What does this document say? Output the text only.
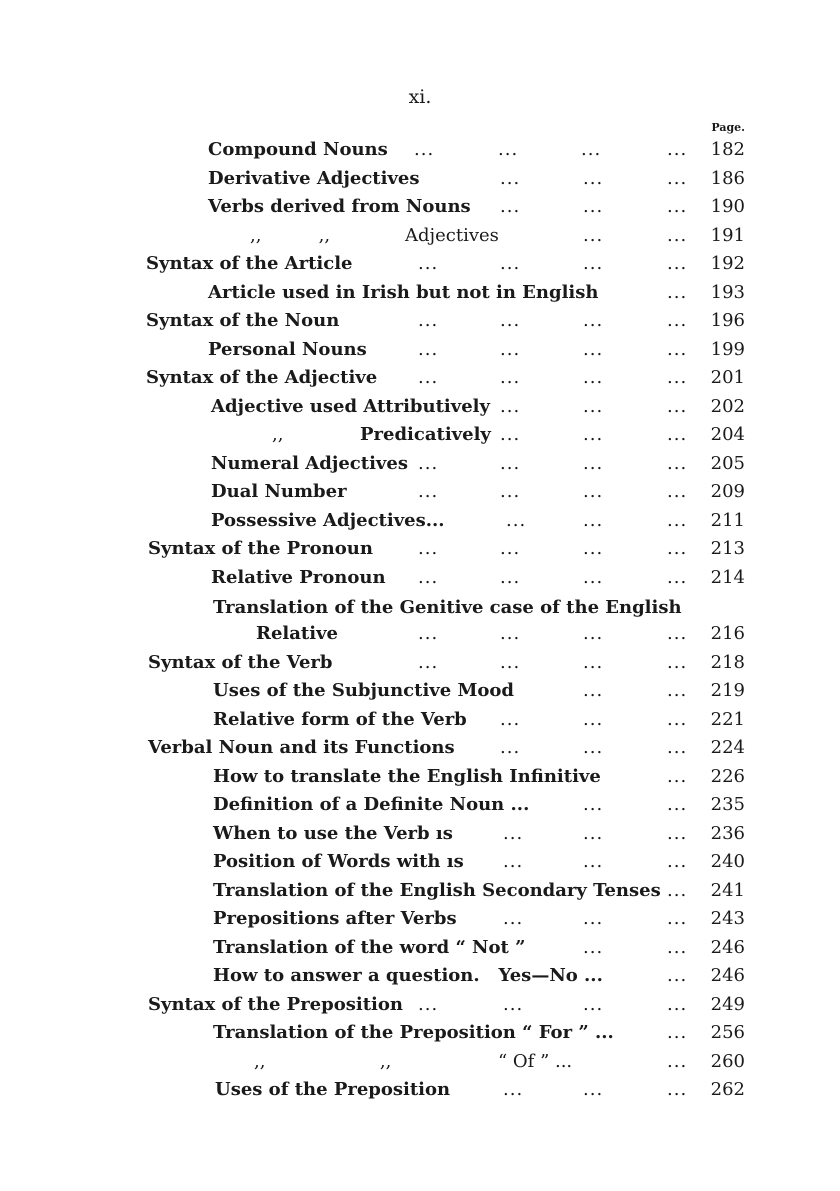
xi.
Page.
Compound Nouns ...	...	...	...	182
Derivative Adjectives	...	...	...	186
Verbs derived from Nouns ...	...	...	190
,,          ,,	Adjectives	...	...	191
Syntax of the Article	...	...	...	...	192
Article used in Irish but not in English	...	193
Syntax of the Noun	...	...	...	...	196
Personal Nouns	...	...	...	...	199
Syntax of the Adjective ...	...	...	...	201
Adjective used Attributively ...	...	...	202
,,	Predicatively ...	...	...	204
Numeral Adjectives ...	...	...	...	205
Dual Number	...	...	...	...	209
Possessive Adjectives...	...	...	...	211
Syntax of the Pronoun	...	...	...	...	213
Relative Pronoun ...	...	...	...	214
Translation of the Genitive case of the English
Relative	...	...	...	...	216
Syntax of the Verb	...	...	...	...	218
Uses of the Subjunctive Mood	...	...	219
Relative form of the Verb ...	...	...	221
Verbal Noun and its Functions	...	...	...	224
How to translate the English Infinitive	...	226
Definition of a Definite Noun ...	...	...	235
When to use the Verb ıs	...	...	...	236
Position of Words with ıs ...	...	...	240
Translation of the English Secondary Tenses ...	241
Prepositions after Verbs	...	...	...	243
Translation of the word “ Not ”	...	...	246
How to answer a question.   Yes—No ...	...	246
Syntax of the Preposition ...	...	...	...	249
Translation of the Preposition “ For ” ...	...	256
,,                    ,,	“ Of ” ...	...	260
Uses of the Preposition	...	...	...	262
